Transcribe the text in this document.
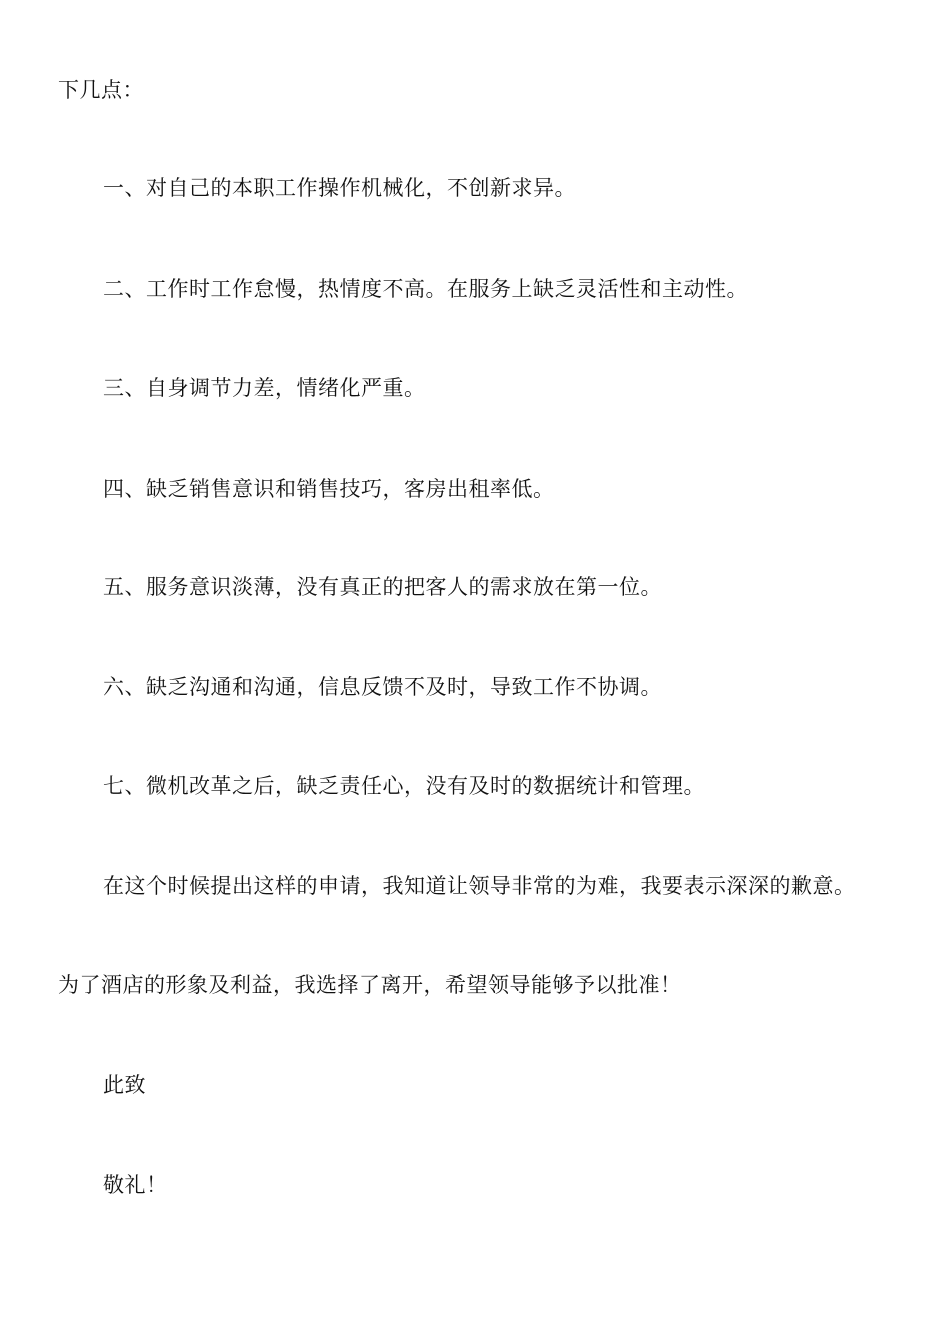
下几点：
一、对自己的本职工作操作机械化，不创新求异。
二、工作时工作怠慢，热情度不高。在服务上缺乏灵活性和主动性。
三、自身调节力差，情绪化严重。
四、缺乏销售意识和销售技巧，客房出租率低。
五、服务意识淡薄，没有真正的把客人的需求放在第一位。
六、缺乏沟通和沟通，信息反馈不及时，导致工作不协调。
七、微机改革之后，缺乏责任心，没有及时的数据统计和管理。
在这个时候提出这样的申请，我知道让领导非常的为难，我要表示深深的歉意。
为了酒店的形象及利益，我选择了离开，希望领导能够予以批准！
此致
敬礼！
